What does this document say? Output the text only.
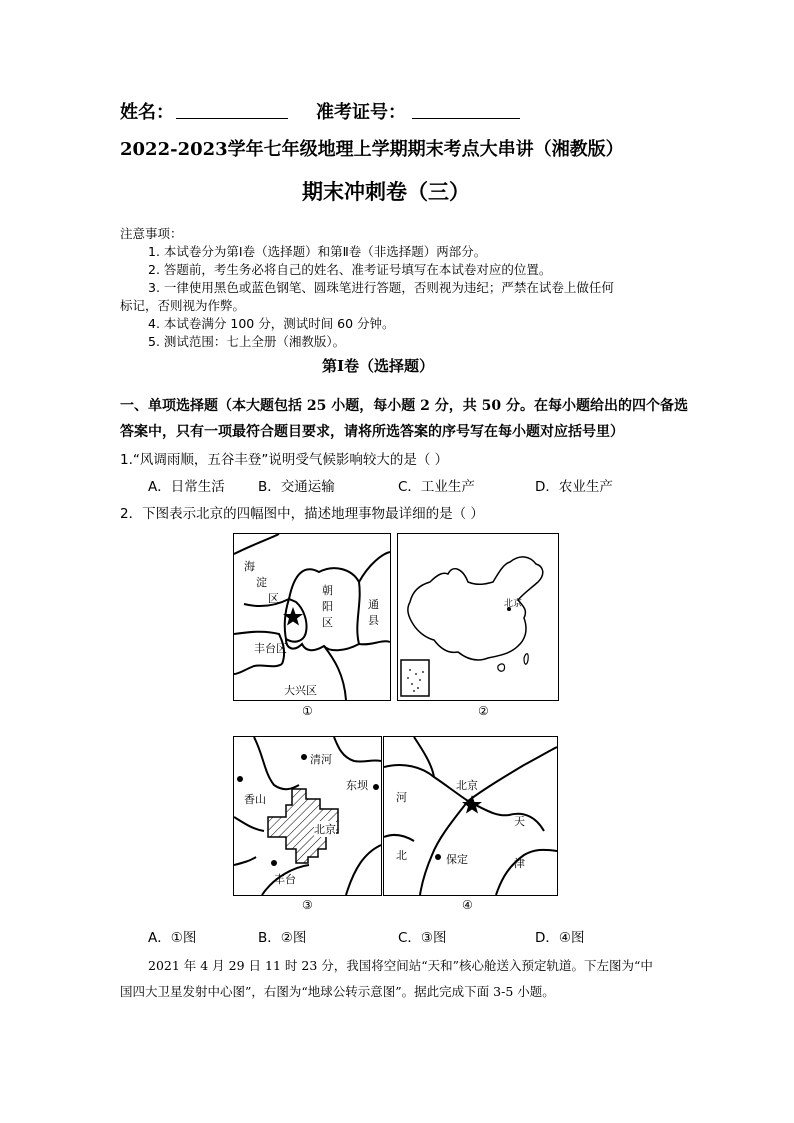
姓名：	准考证号：
2022-2023学年七年级地理上学期期末考点大串讲（湘教版）
期末冲刺卷（三）
注意事项：
1. 本试卷分为第Ⅰ卷（选择题）和第Ⅱ卷（非选择题）两部分。
2. 答题前，考生务必将自己的姓名、准考证号填写在本试卷对应的位置。
3. 一律使用黑色或蓝色钢笔、圆珠笔进行答题，否则视为违纪；严禁在试卷上做任何
标记，否则视为作弊。
4. 本试卷满分 100 分，测试时间 60 分钟。
5. 测试范围：七上全册（湘教版）。
第Ⅰ卷（选择题）
一、单项选择题（本大题包括 25 小题，每小题 2 分，共 50 分。在每小题给出的四个备选
答案中，只有一项最符合题目要求，请将所选答案的序号写在每小题对应括号里）
1.“风调雨顺，五谷丰登”说明受气候影响较大的是（ ）
A．日常生活 B．交通运输	C．工业生产	D．农业生产
2．下图表示北京的四幅图中，描述地理事物最详细的是（ ）
海
淀
区
朝
阳
区
通
县
丰台区
大兴区
①
北京
②
清河
东坝
香山
北京
丰台
③
北京
河
北
天
津
保定
④
A．①图	B．②图	C．③图	D．④图
2021 年 4 月 29 日 11 时 23 分，我国将空间站“天和”核心舱送入预定轨道。下左图为“中
国四大卫星发射中心图”，右图为“地球公转示意图”。据此完成下面 3-5 小题。
